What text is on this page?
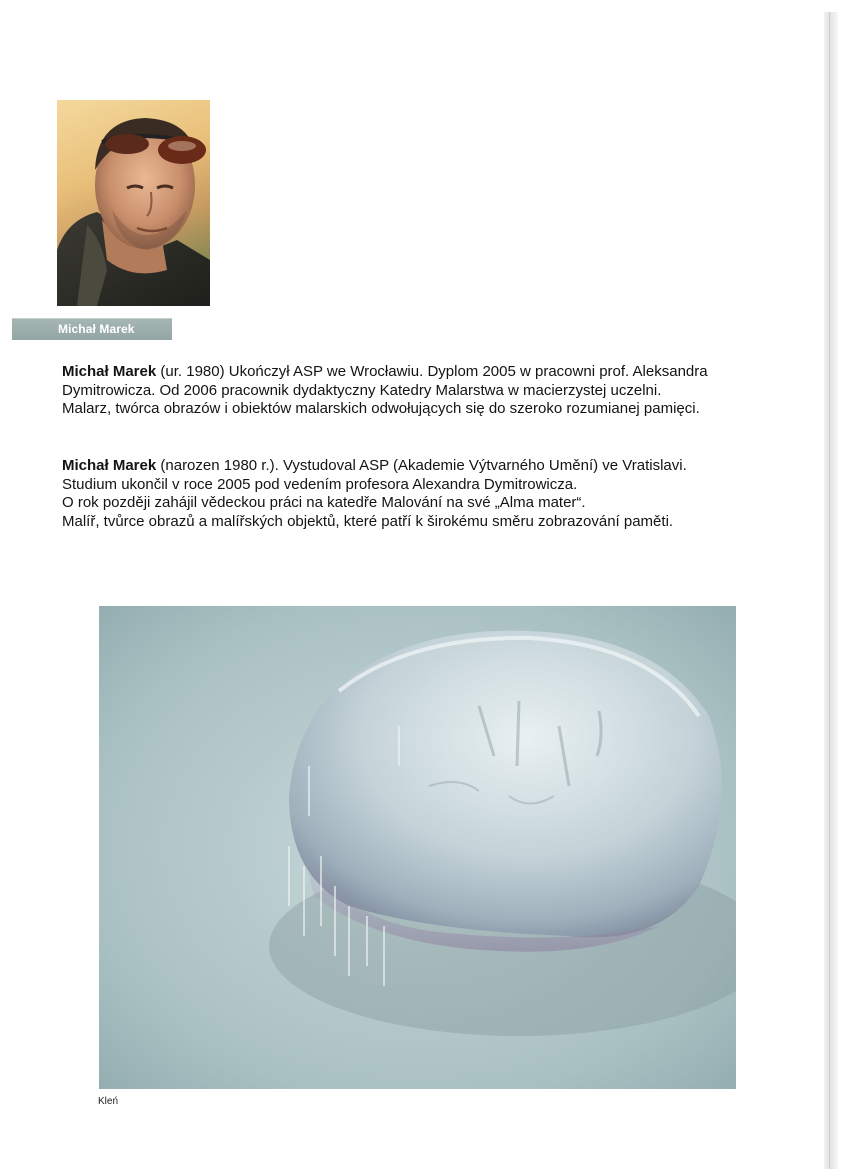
Michał Marek

Michał Marek (ur. 1980) Ukończył ASP we Wrocławiu. Dyplom 2005 w pracowni prof. Aleksandra

Dymitrowicza. Od 2006 pracownik dydaktyczny Katedry Malarstwa w macierzystej uczelni.

Malarz, twórca obrazów i obiektów malarskich odwołujących się do szeroko rozumianej pamięci.

Michał Marek (narozen 1980 r.). Vystudoval ASP (Akademie Výtvarného Umění) ve Vratislavi.

Studium ukončil v roce 2005 pod vedením profesora Alexandra Dymitrowicza.

O rok později zahájil vědeckou práci na katedře Malování na své „Alma mater“.

Malíř, tvůrce obrazů a malířských objektů, které patří k širokému směru zobrazování paměti.

Kleń
